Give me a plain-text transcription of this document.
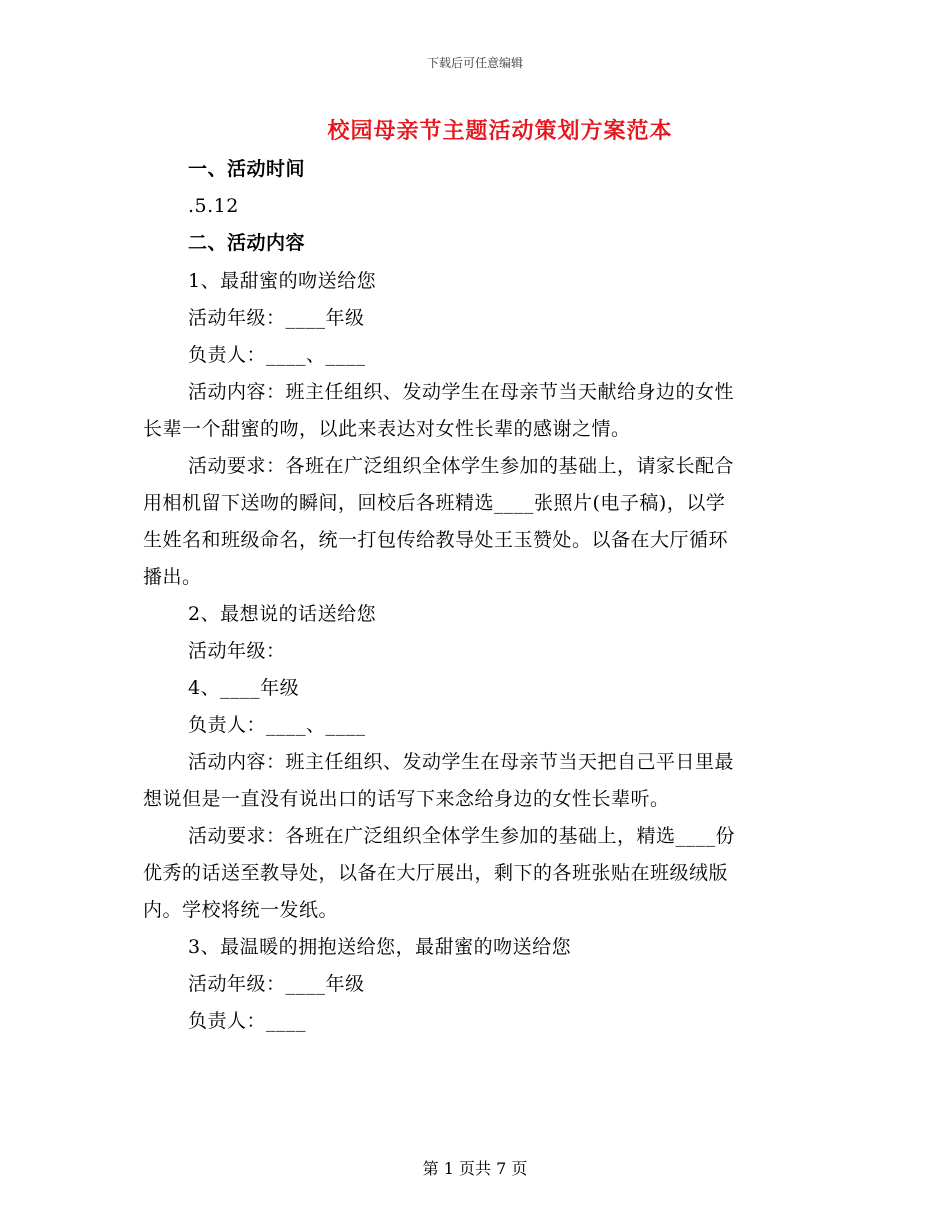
下载后可任意编辑
校园母亲节主题活动策划方案范本
一、活动时间
.5.12
二、活动内容
1、最甜蜜的吻送给您
活动年级：____年级
负责人：____、____
活动内容：班主任组织、发动学生在母亲节当天献给身边的女性
长辈一个甜蜜的吻，以此来表达对女性长辈的感谢之情。
活动要求：各班在广泛组织全体学生参加的基础上，请家长配合
用相机留下送吻的瞬间，回校后各班精选____张照片(电子稿)，以学
生姓名和班级命名，统一打包传给教导处王玉赞处。以备在大厅循环
播出。
2、最想说的话送给您
活动年级：
4、____年级
负责人：____、____
活动内容：班主任组织、发动学生在母亲节当天把自己平日里最
想说但是一直没有说出口的话写下来念给身边的女性长辈听。
活动要求：各班在广泛组织全体学生参加的基础上，精选____份
优秀的话送至教导处，以备在大厅展出，剩下的各班张贴在班级绒版
内。学校将统一发纸。
3、最温暖的拥抱送给您，最甜蜜的吻送给您
活动年级：____年级
负责人：____
第 1 页共 7 页
